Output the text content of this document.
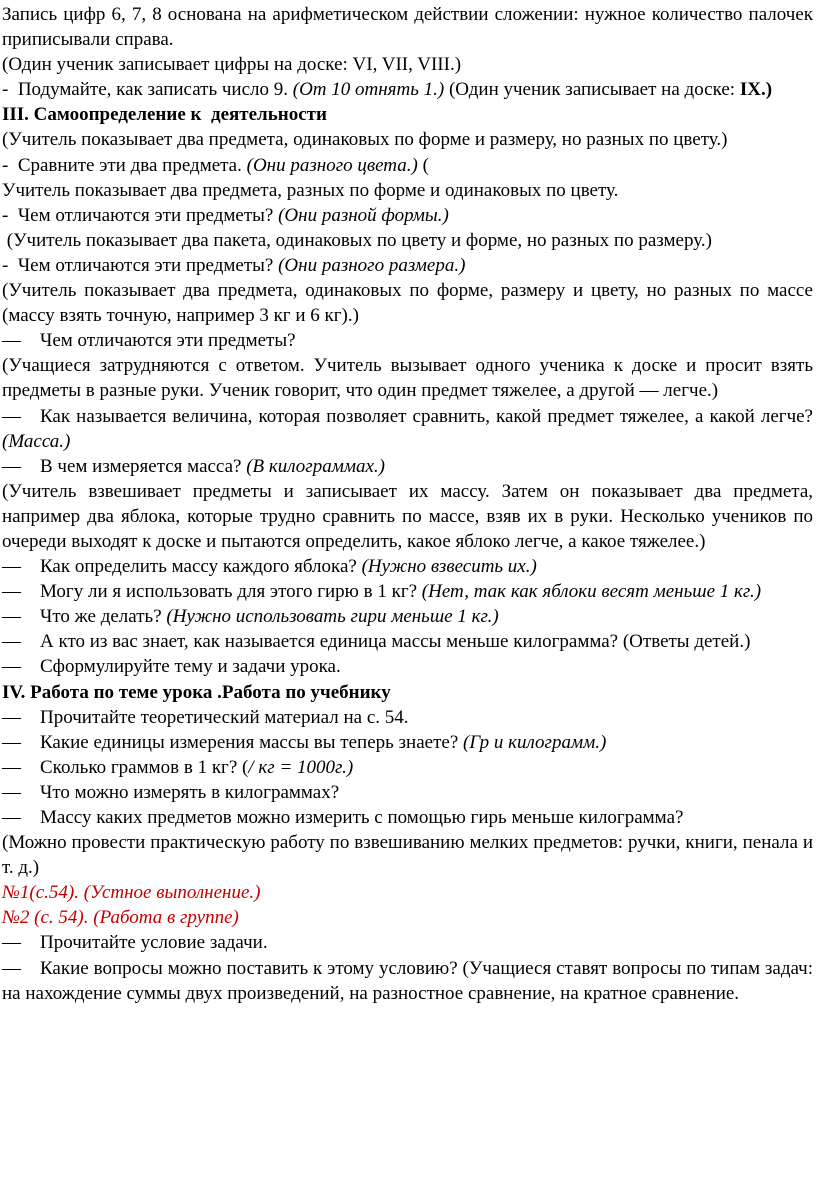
Запись цифр 6, 7, 8 основана на арифметическом действии сложении: нужное количество палочек приписывали справа.

(Один ученик записывает цифры на доске: VI, VII, VIII.)

- Подумайте, как записать число 9. (От 10 отнять 1.) (Один ученик записывает на доске: IX.)

III. Самоопределение к  деятельности

(Учитель показывает два предмета, одинаковых по форме и размеру, но разных по цвету.)

- Сравните эти два предмета. (Они разного цвета.) (

Учитель показывает два предмета, разных по форме и одинаковых по цвету.

- Чем отличаются эти предметы? (Они разной формы.)

(Учитель показывает два пакета, одинаковых по цвету и форме, но разных по размеру.)

- Чем отличаются эти предметы? (Они разного размера.)

(Учитель показывает два предмета, одинаковых по форме, размеру и цвету, но разных по массе (массу взять точную, например 3 кг и 6 кг).)

— Чем отличаются эти предметы?

(Учащиеся затрудняются с ответом. Учитель вызывает одного ученика к доске и просит взять предметы в разные руки. Ученик говорит, что один предмет тяжелее, а другой — легче.)

— Как называется величина, которая позволяет сравнить, какой предмет тяжелее, а какой легче? (Масса.)

— В чем измеряется масса? (В килограммах.)

(Учитель взвешивает предметы и записывает их массу. Затем он показывает два предмета, например два яблока, которые трудно сравнить по массе, взяв их в руки. Несколько учеников по очереди выходят к доске и пытаются определить, какое яблоко легче, а какое тяжелее.)

— Как определить массу каждого яблока? (Нужно взвесить их.)

— Могу ли я использовать для этого гирю в 1 кг? (Нет, так как яблоки весят меньше 1 кг.)

— Что же делать? (Нужно использовать гири меньше 1 кг.)

— А кто из вас знает, как называется единица массы меньше килограмма? (Ответы детей.)

— Сформулируйте тему и задачи урока.

IV. Работа по теме урока .Работа по учебнику

— Прочитайте теоретический материал на с. 54.

— Какие единицы измерения массы вы теперь знаете? (Гр и килограмм.)

— Сколько граммов в 1 кг? (/ кг = 1000г.)

— Что можно измерять в килограммах?

— Массу каких предметов можно измерить с помощью гирь меньше килограмма?

(Можно провести практическую работу по взвешиванию мелких предметов: ручки, книги, пенала и т. д.)

№1(с.54). (Устное выполнение.)

№2 (с. 54). (Работа в группе)

— Прочитайте условие задачи.

— Какие вопросы можно поставить к этому условию? (Учащиеся ставят вопросы по типам задач: на нахождение суммы двух произведений, на разностное сравнение, на кратное сравнение.
